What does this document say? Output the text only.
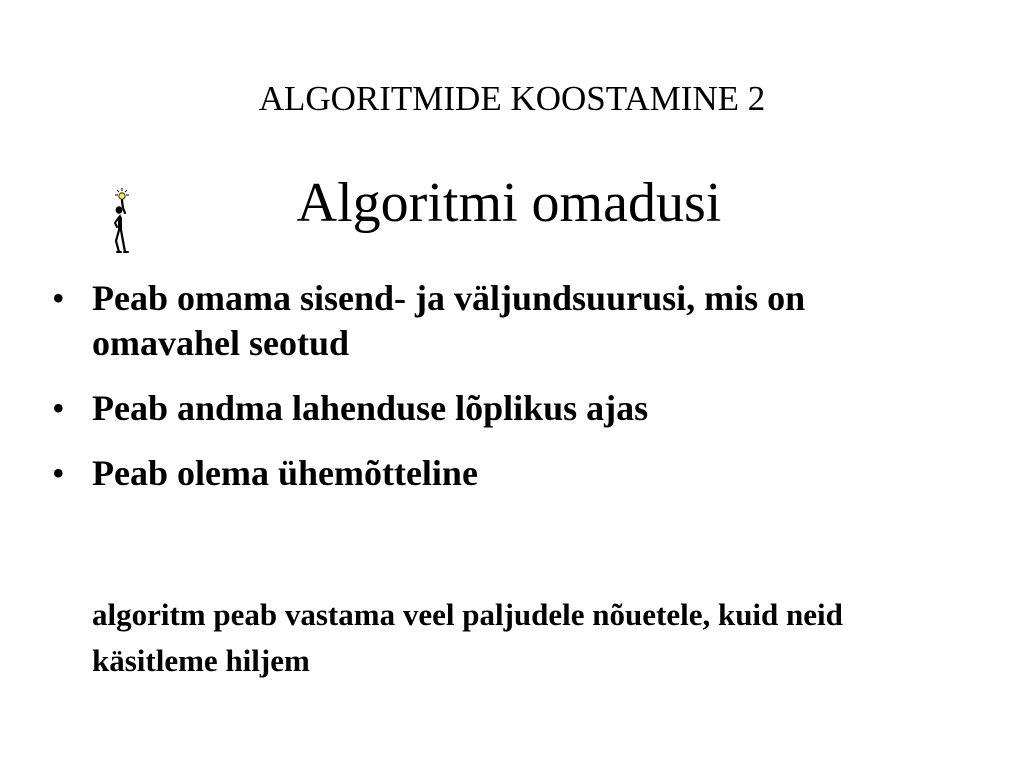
ALGORITMIDE KOOSTAMINE 2
Algoritmi omadusi
• Peab omama sisend- ja väljundsuurusi, mis on omavahel seotud
• Peab andma lahenduse lõplikus ajas
• Peab olema ühemõtteline
algoritm peab vastama veel paljudele nõuetele, kuid neid käsitleme hiljem
